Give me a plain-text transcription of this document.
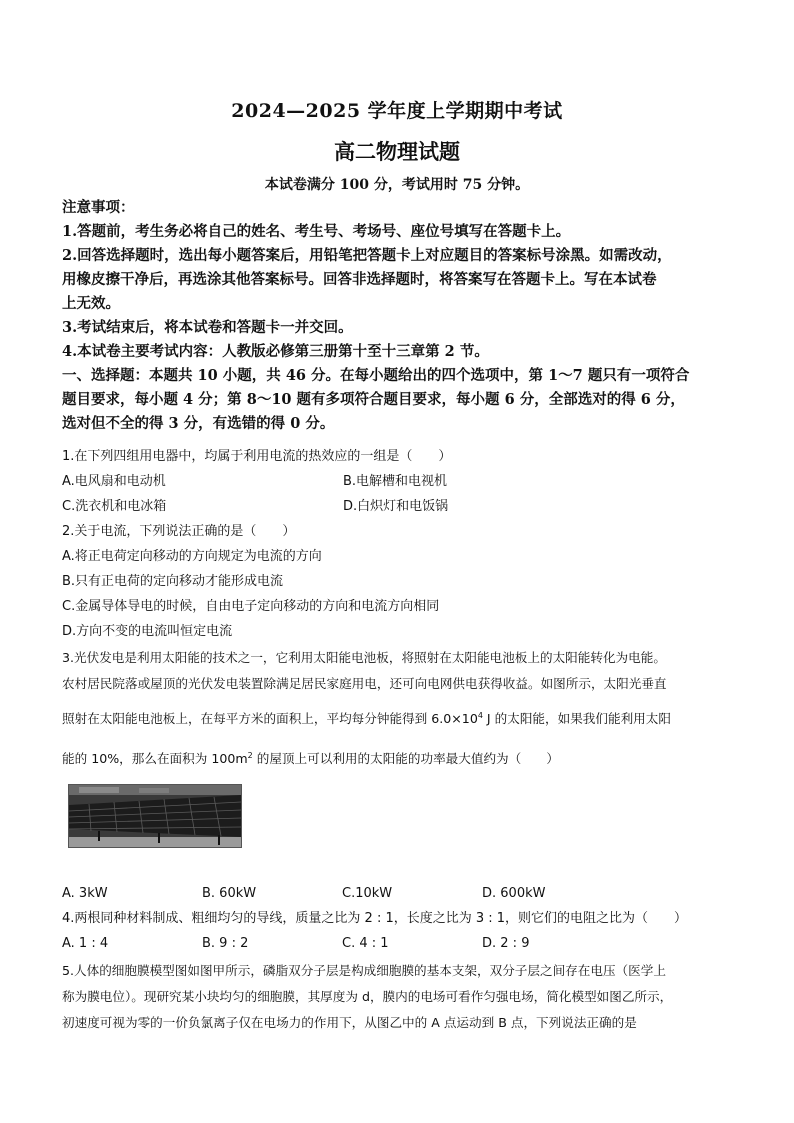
2024—2025 学年度上学期期中考试
高二物理试题
本试卷满分 100 分，考试用时 75 分钟。
注意事项：
1.答题前，考生务必将自己的姓名、考生号、考场号、座位号填写在答题卡上。
2.回答选择题时，选出每小题答案后，用铅笔把答题卡上对应题目的答案标号涂黑。如需改动，
用橡皮擦干净后，再选涂其他答案标号。回答非选择题时，将答案写在答题卡上。写在本试卷
上无效。
3.考试结束后，将本试卷和答题卡一并交回。
4.本试卷主要考试内容：人教版必修第三册第十至十三章第 2 节。
一、选择题：本题共 10 小题，共 46 分。在每小题给出的四个选项中，第 1～7 题只有一项符合
题目要求，每小题 4 分；第 8～10 题有多项符合题目要求，每小题 6 分，全部选对的得 6 分，
选对但不全的得 3 分，有选错的得 0 分。
1.在下列四组用电器中，均属于利用电流的热效应的一组是（　　）
A.电风扇和电动机	B.电解槽和电视机
C.洗衣机和电冰箱	D.白炽灯和电饭锅
2.关于电流，下列说法正确的是（　　）
A.将正电荷定向移动的方向规定为电流的方向
B.只有正电荷的定向移动才能形成电流
C.金属导体导电的时候，自由电子定向移动的方向和电流方向相同
D.方向不变的电流叫恒定电流
3.光伏发电是利用太阳能的技术之一，它利用太阳能电池板，将照射在太阳能电池板上的太阳能转化为电能。
农村居民院落或屋顶的光伏发电装置除满足居民家庭用电，还可向电网供电获得收益。如图所示，太阳光垂直
照射在太阳能电池板上，在每平方米的面积上，平均每分钟能得到 $6.0\times 10^4$ J 的太阳能，如果我们能利用太阳
能的 10%，那么在面积为 $100m^2$ 的屋顶上可以利用的太阳能的功率最大值约为（　　）
A. 3kW	B. 60kW	C.10kW	D. 600kW
4.两根同种材料制成、粗细均匀的导线，质量之比为 2 : 1，长度之比为 3 : 1，则它们的电阻之比为（　　）
A. 1 : 4	B. 9 : 2	C. 4 : 1	D. 2 : 9
5.人体的细胞膜模型图如图甲所示，磷脂双分子层是构成细胞膜的基本支架，双分子层之间存在电压（医学上
称为膜电位）。现研究某小块均匀的细胞膜，其厚度为 d，膜内的电场可看作匀强电场，简化模型如图乙所示，
初速度可视为零的一价负氯离子仅在电场力的作用下，从图乙中的 A 点运动到 B 点，下列说法正确的是
